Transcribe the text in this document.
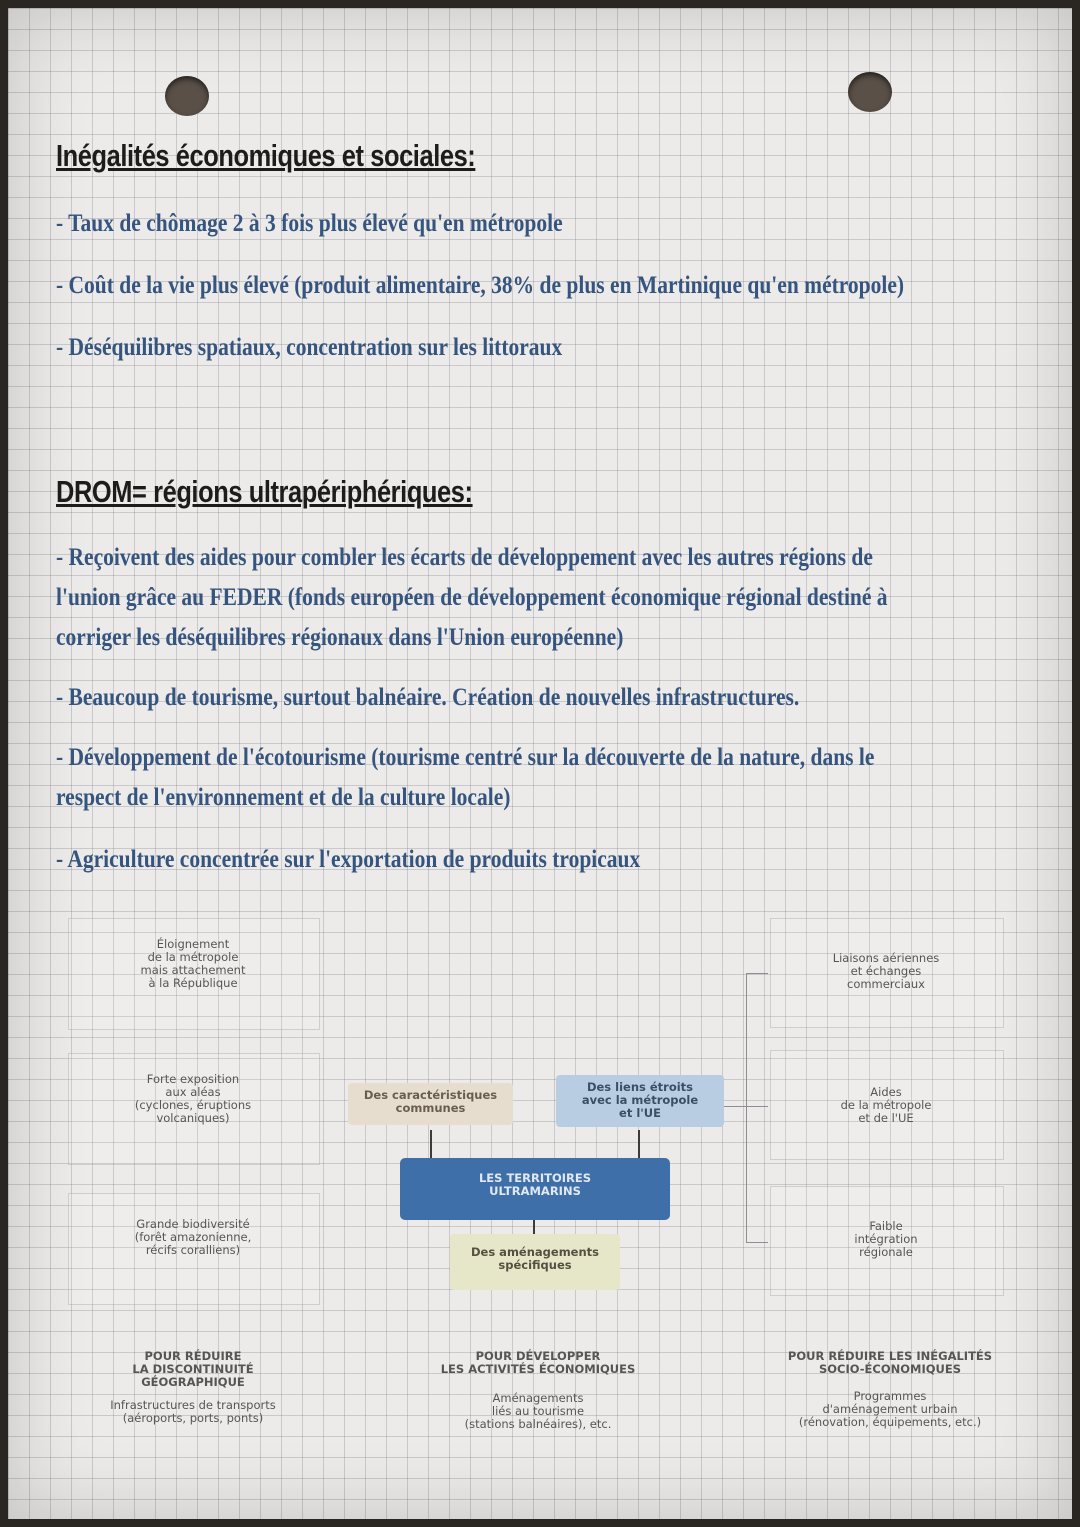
Inégalités économiques et sociales:

- Taux de chômage 2 à 3 fois plus élevé qu'en métropole

- Coût de la vie plus élevé (produit alimentaire, 38% de plus en Martinique qu'en métropole)

- Déséquilibres spatiaux, concentration sur les littoraux

DROM= régions ultrapériphériques:

- Reçoivent des aides pour combler les écarts de développement avec les autres régions de

l'union grâce au FEDER (fonds européen de développement économique régional destiné à

corriger les déséquilibres régionaux dans l'Union européenne)

- Beaucoup de tourisme, surtout balnéaire. Création de nouvelles infrastructures.

- Développement de l'écotourisme (tourisme centré sur la découverte de la nature, dans le

respect de l'environnement et de la culture locale)

- Agriculture concentrée sur l'exportation de produits tropicaux

Éloignement
de la métropole
mais attachement
à la République
Forte exposition
aux aléas
(cyclones, éruptions
volcaniques)
Grande biodiversité
(forêt amazonienne,
récifs coralliens)
Des caractéristiques
communes
Des liens étroits
avec la métropole
et l'UE
LES TERRITOIRES
ULTRAMARINS
Des aménagements
spécifiques
Liaisons aériennes
et échanges
commerciaux
Aides
de la métropole
et de l'UE
Faible
intégration
régionale
POUR RÉDUIRE
LA DISCONTINUITÉ
GÉOGRAPHIQUE
Infrastructures de transports
(aéroports, ports, ponts)
POUR DÉVELOPPER
LES ACTIVITÉS ÉCONOMIQUES
Aménagements
liés au tourisme
(stations balnéaires), etc.
POUR RÉDUIRE LES INÉGALITÉS
SOCIO-ÉCONOMIQUES
Programmes
d'aménagement urbain
(rénovation, équipements, etc.)
